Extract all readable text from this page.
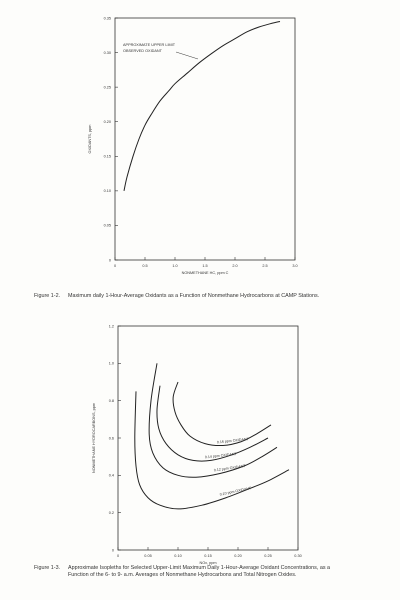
0	0.5	1.0	1.5	2.0	2.5	3.0
0
0.05
0.10
0.15
0.20
0.25
0.30
0.35
OXIDANTS, ppm
NONMETHANE HC, ppm C
APPROXIMATE UPPER LIMIT
OBSERVED OXIDANT
Figure 1-2. Maximum daily 1-Hour-Average Oxidants as a Function of Nonmethane Hydrocarbons at CAMP Stations.
0	0.05	0.10	0.15	0.20	0.25	0.30
0
0.2
0.4
0.6
0.8
1.0
1.2
0.16 ppm OXIDANT
0.14 ppm OXIDANT
0.12 ppm OXIDANT
0.10 ppm OXIDANT
NONMETHANE HYDROCARBONS, ppm
NOx, ppm
Figure 1-3. Approximate Isopleths for Selected Upper-Limit Maximum Daily 1-Hour-Average Oxidant Concentrations, as a
Function of the 6- to 9- a.m. Averages of Nonmethane Hydrocarbons and Total Nitrogen Oxides.
